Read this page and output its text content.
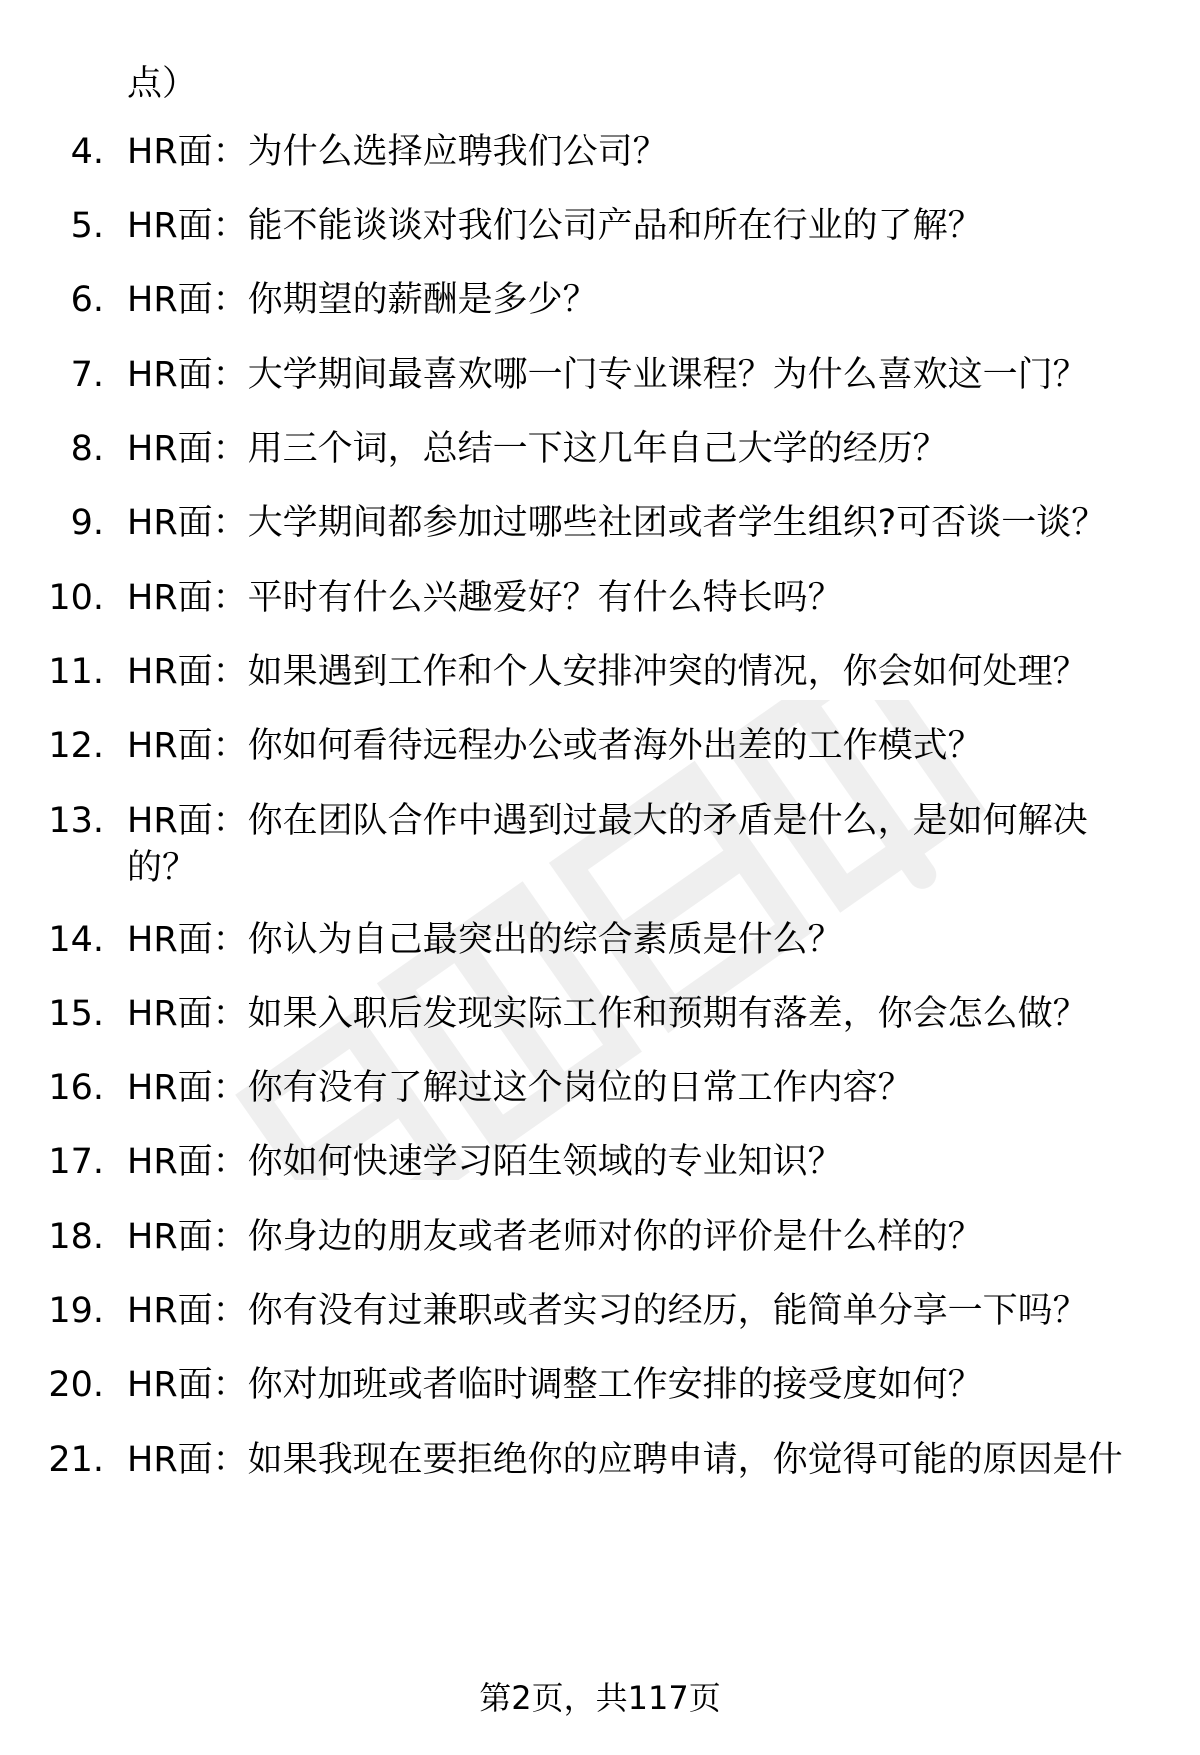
点）
4. HR面：为什么选择应聘我们公司？
5. HR面：能不能谈谈对我们公司产品和所在行业的了解？
6. HR面：你期望的薪酬是多少？
7. HR面：大学期间最喜欢哪一门专业课程？为什么喜欢这一门？
8. HR面：用三个词，总结一下这几年自己大学的经历？
9. HR面：大学期间都参加过哪些社团或者学生组织?可否谈一谈？
10. HR面：平时有什么兴趣爱好？有什么特长吗？
11. HR面：如果遇到工作和个人安排冲突的情况，你会如何处理？
12. HR面：你如何看待远程办公或者海外出差的工作模式？
13. HR面：你在团队合作中遇到过最大的矛盾是什么，是如何解决
的？
14. HR面：你认为自己最突出的综合素质是什么？
15. HR面：如果入职后发现实际工作和预期有落差，你会怎么做？
16. HR面：你有没有了解过这个岗位的日常工作内容？
17. HR面：你如何快速学习陌生领域的专业知识？
18. HR面：你身边的朋友或者老师对你的评价是什么样的？
19. HR面：你有没有过兼职或者实习的经历，能简单分享一下吗？
20. HR面：你对加班或者临时调整工作安排的接受度如何？
21. HR面：如果我现在要拒绝你的应聘申请，你觉得可能的原因是什
第2页，共117页
